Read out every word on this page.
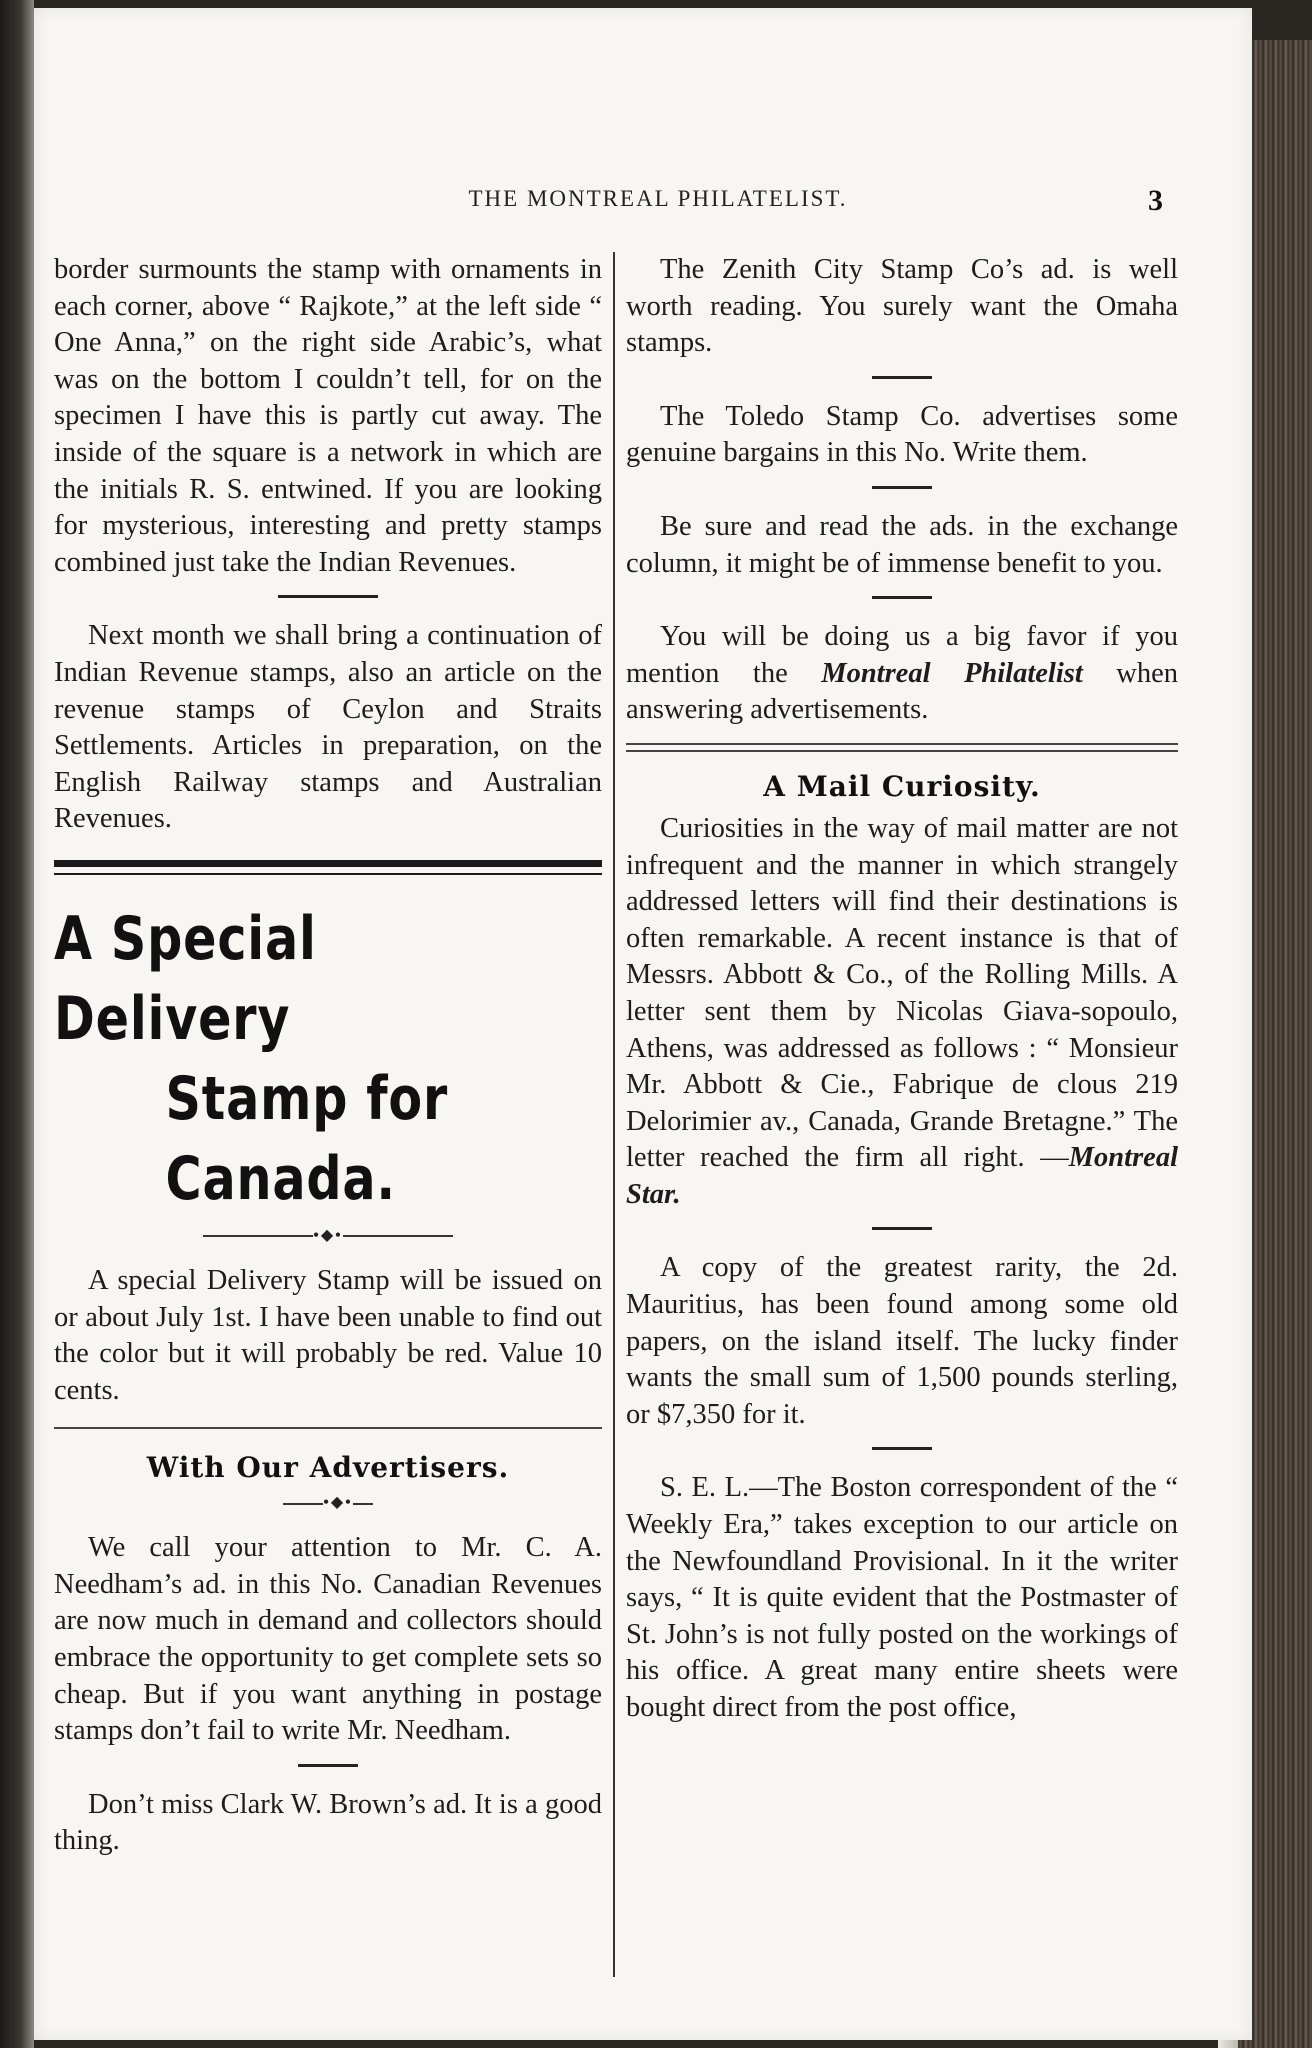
THE MONTREAL PHILATELIST.	3

border surmounts the stamp with ornaments in each corner, above “ Rajkote,” at the left side “ One Anna,” on the right side Arabic’s, what was on the bottom I couldn’t tell, for on the specimen I have this is partly cut away. The inside of the square is a network in which are the initials R. S. entwined. If you are looking for mysterious, interesting and pretty stamps combined just take the Indian Revenues.

Next month we shall bring a continuation of Indian Revenue stamps, also an article on the revenue stamps of Ceylon and Straits Settlements. Articles in preparation, on the English Railway stamps and Australian Revenues.

A Special Delivery
Stamp for Canada.
•◆•

A special Delivery Stamp will be issued on or about July 1st. I have been unable to find out the color but it will probably be red. Value 10 cents.

With Our Advertisers.
•◆•

We call your attention to Mr. C. A. Needham’s ad. in this No. Canadian Revenues are now much in demand and collectors should embrace the opportunity to get complete sets so cheap. But if you want anything in postage stamps don’t fail to write Mr. Needham.

Don’t miss Clark W. Brown’s ad. It is a good thing.

The Zenith City Stamp Co’s ad. is well worth reading. You surely want the Omaha stamps.

The Toledo Stamp Co. advertises some genuine bargains in this No. Write them.

Be sure and read the ads. in the exchange column, it might be of immense benefit to you.

You will be doing us a big favor if you mention the Montreal Philatelist when answering advertisements.

A Mail Curiosity.

Curiosities in the way of mail matter are not infrequent and the manner in which strangely addressed letters will find their destinations is often remarkable. A recent instance is that of Messrs. Abbott & Co., of the Rolling Mills. A letter sent them by Nicolas Giava-sopoulo, Athens, was addressed as follows : “ Monsieur Mr. Abbott & Cie., Fabrique de clous 219 Delorimier av., Canada, Grande Bretagne.” The letter reached the firm all right. —Montreal Star.

A copy of the greatest rarity, the 2d. Mauritius, has been found among some old papers, on the island itself. The lucky finder wants the small sum of 1,500 pounds sterling, or $7,350 for it.

S. E. L.—The Boston correspondent of the “ Weekly Era,” takes exception to our article on the Newfoundland Provisional. In it the writer says, “ It is quite evident that the Postmaster of St. John’s is not fully posted on the workings of his office. A great many entire sheets were bought direct from the post office,
